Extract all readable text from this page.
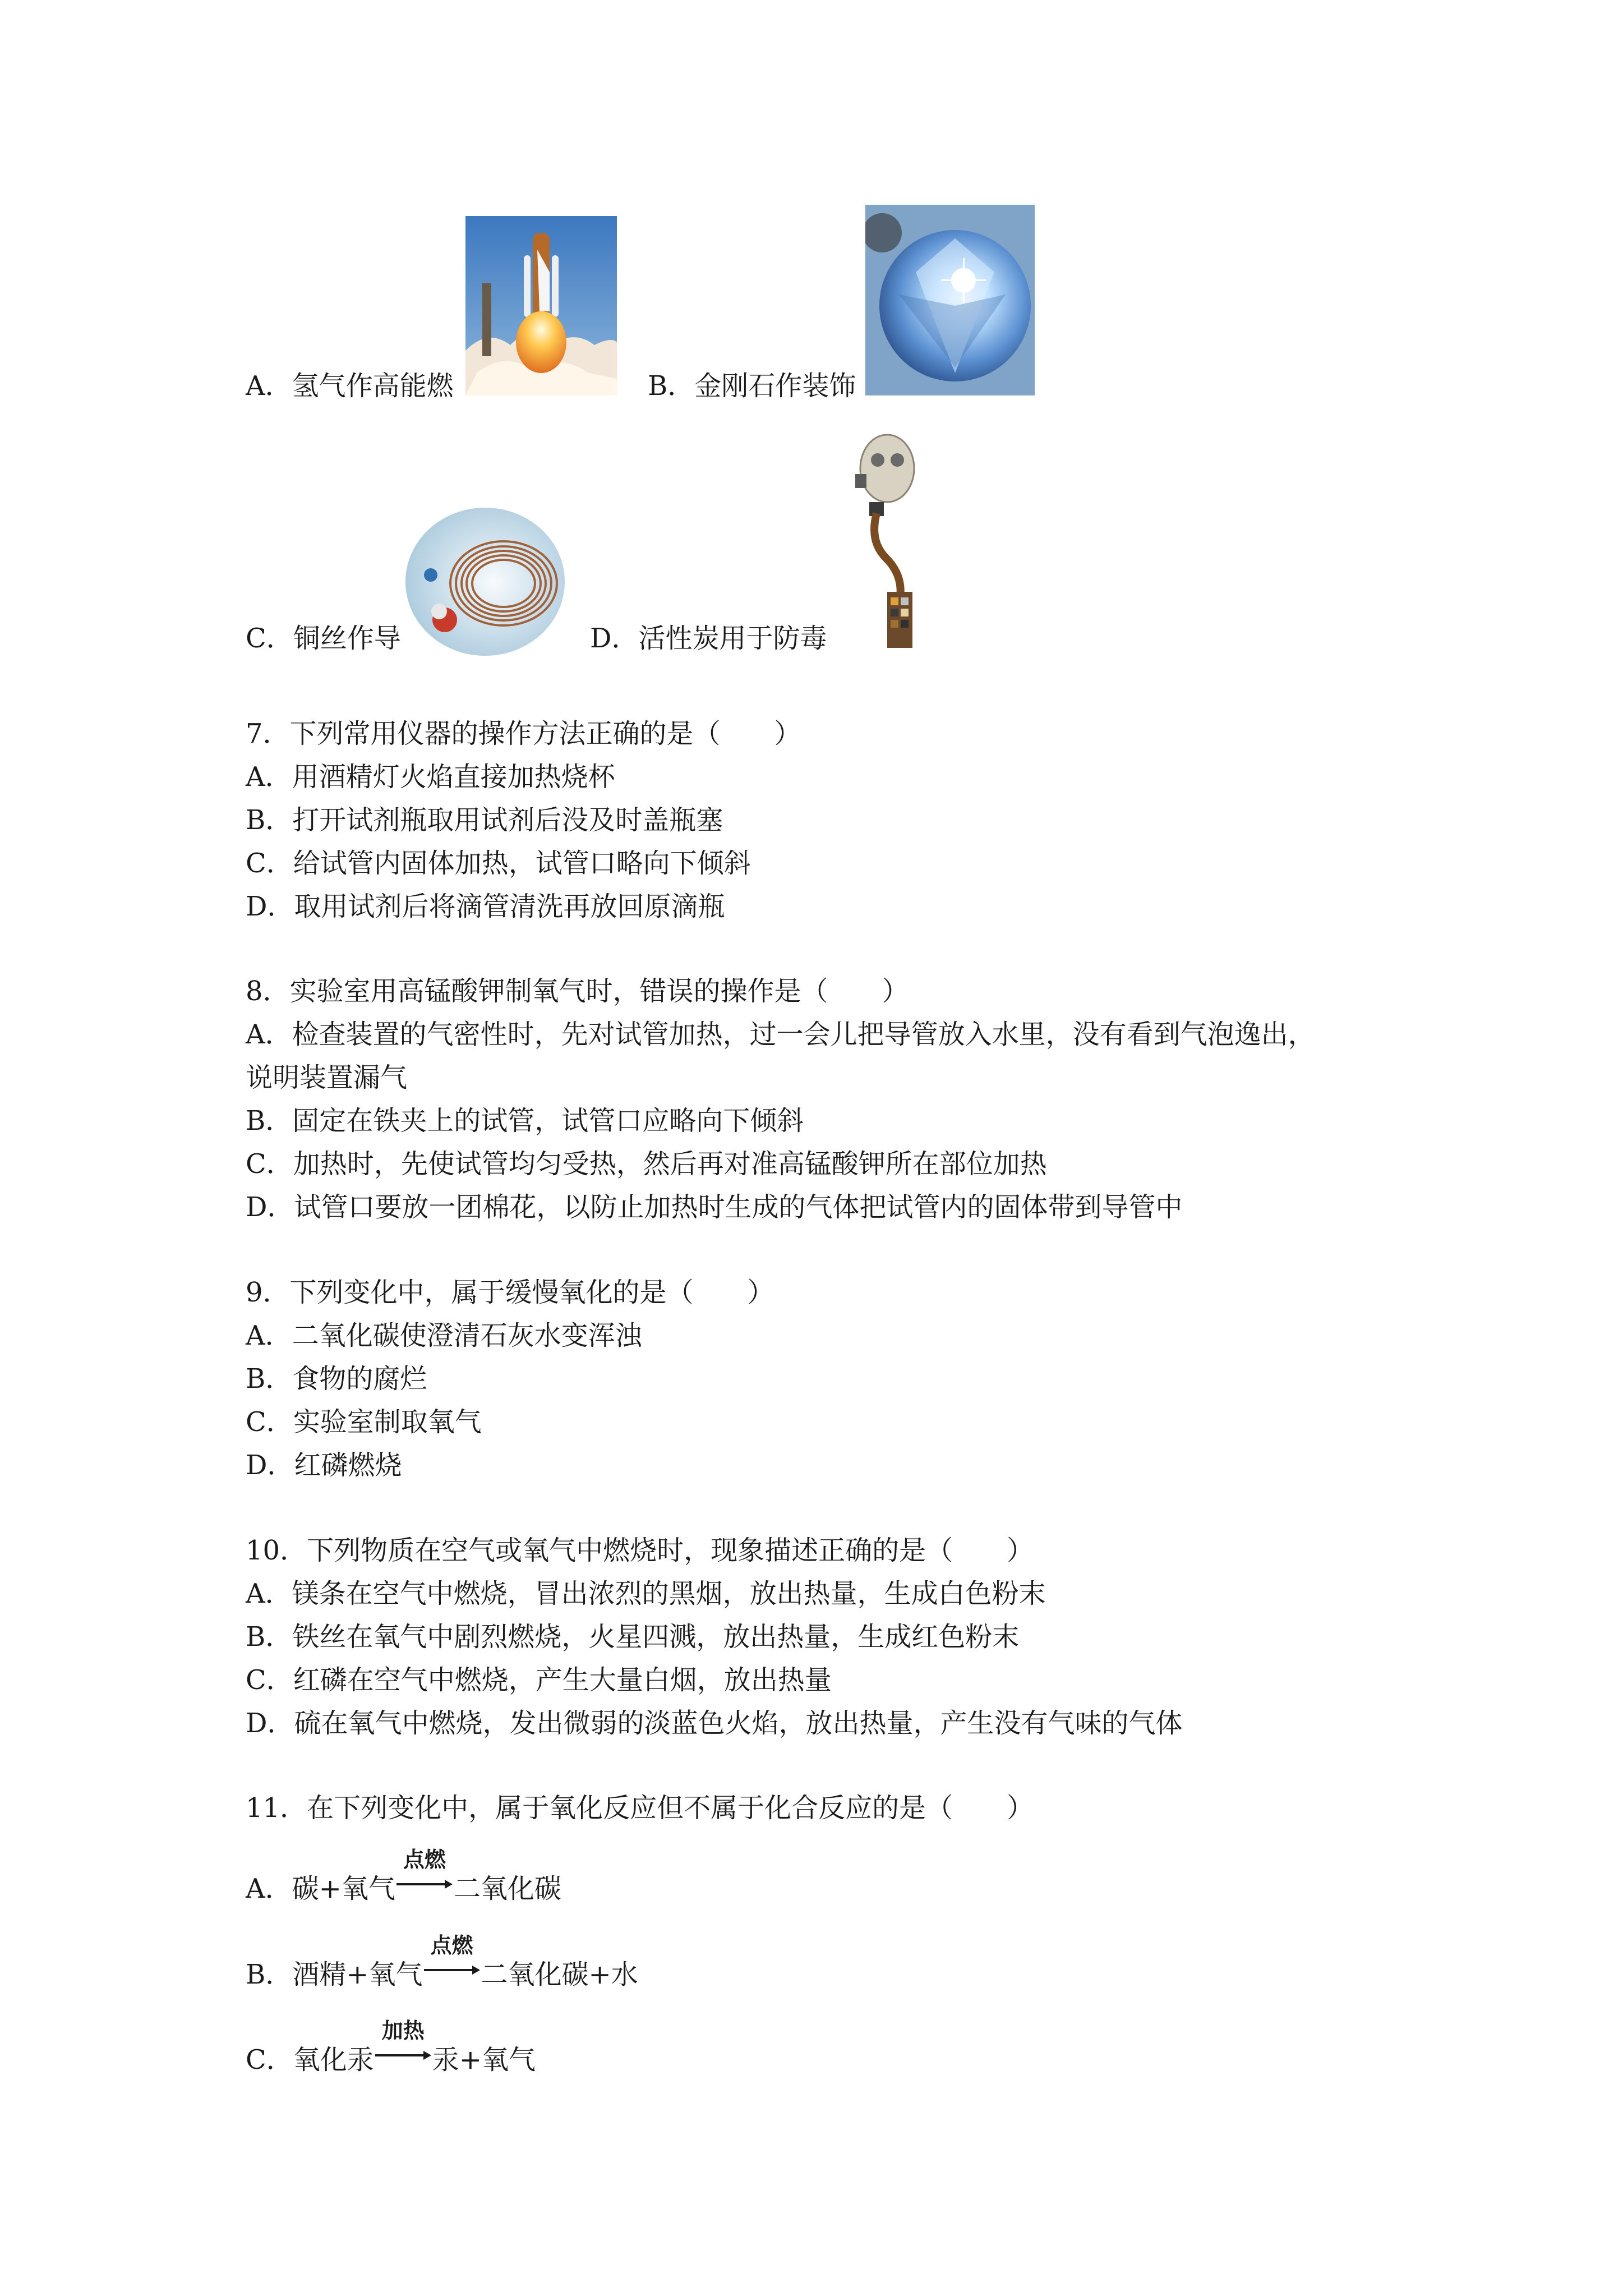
A．氢气作高能燃	B．金刚石作装饰
C．铜丝作导	D．活性炭用于防毒
7．下列常用仪器的操作方法正确的是（　　）
A．用酒精灯火焰直接加热烧杯
B．打开试剂瓶取用试剂后没及时盖瓶塞
C．给试管内固体加热，试管口略向下倾斜
D．取用试剂后将滴管清洗再放回原滴瓶
8．实验室用高锰酸钾制氧气时，错误的操作是（　　）
A．检查装置的气密性时，先对试管加热，过一会儿把导管放入水里，没有看到气泡逸出，
说明装置漏气
B．固定在铁夹上的试管，试管口应略向下倾斜
C．加热时，先使试管均匀受热，然后再对准高锰酸钾所在部位加热
D．试管口要放一团棉花，以防止加热时生成的气体把试管内的固体带到导管中
9．下列变化中，属于缓慢氧化的是（　　）
A．二氧化碳使澄清石灰水变浑浊
B．食物的腐烂
C．实验室制取氧气
D．红磷燃烧
10．下列物质在空气或氧气中燃烧时，现象描述正确的是（　　）
A．镁条在空气中燃烧，冒出浓烈的黑烟，放出热量，生成白色粉末
B．铁丝在氧气中剧烈燃烧，火星四溅，放出热量，生成红色粉末
C．红磷在空气中燃烧，产生大量白烟，放出热量
D．硫在氧气中燃烧，发出微弱的淡蓝色火焰，放出热量，产生没有气味的气体
11．在下列变化中，属于氧化反应但不属于化合反应的是（　　）
A．碳+氧气
点燃
二氧化碳
B．酒精+氧气
点燃
二氧化碳+水
C．氧化汞
加热
汞+氧气
